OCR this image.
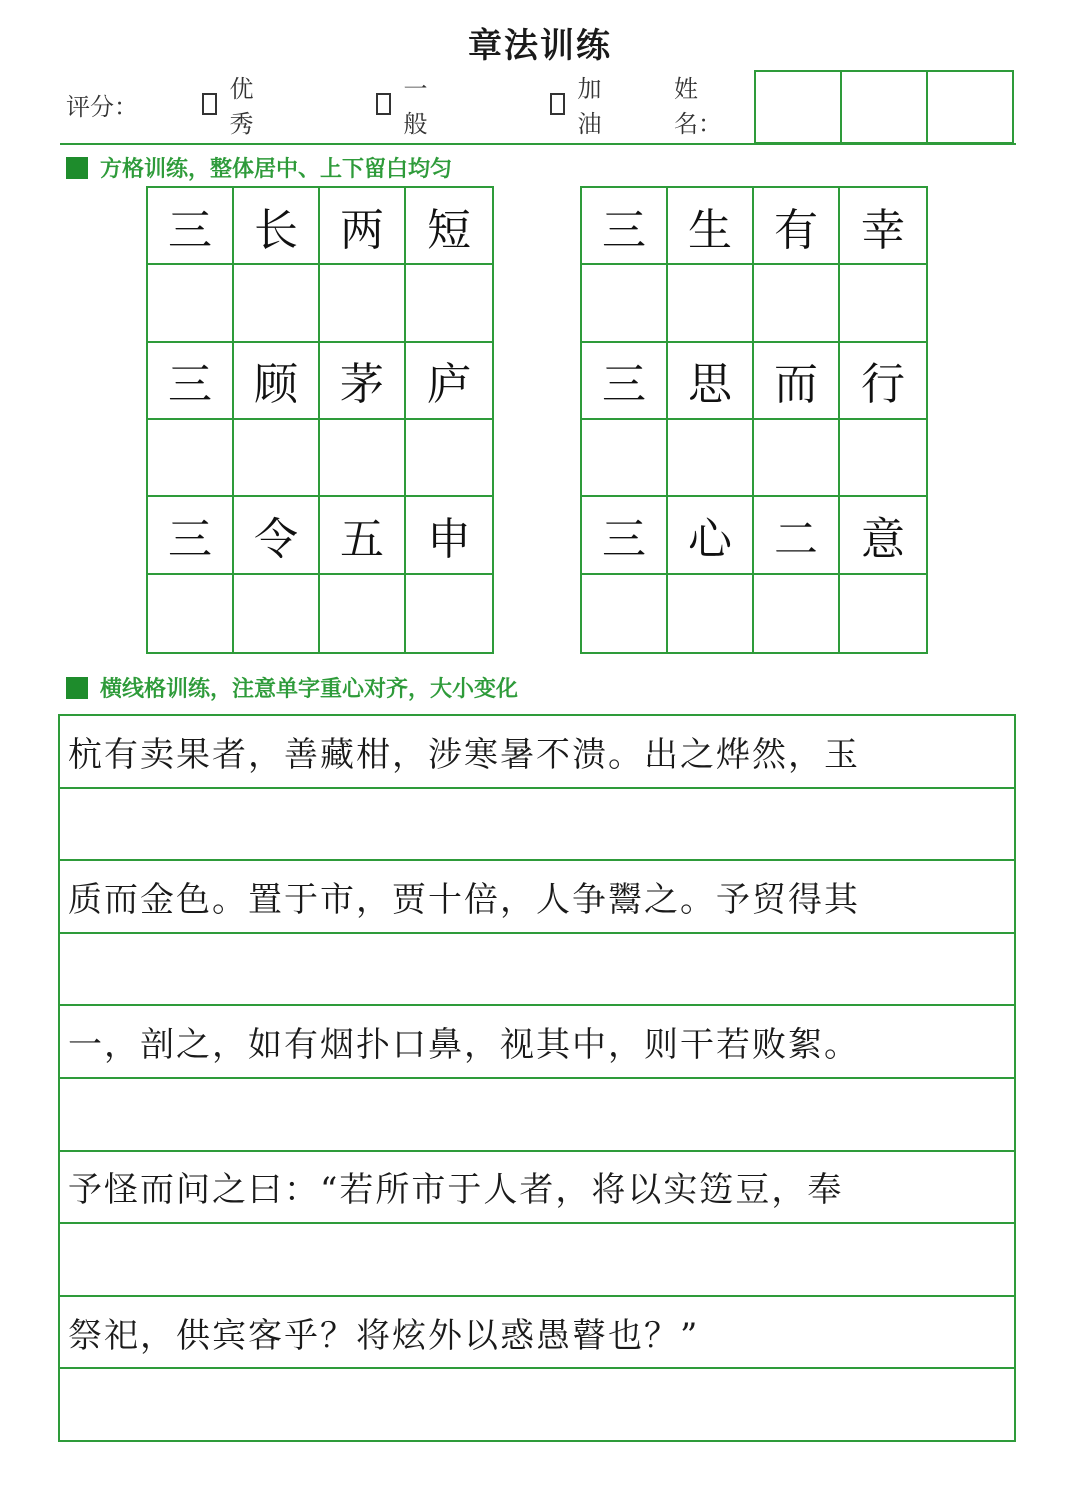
章法训练
评分：
优秀
一般
加油
姓名：
方格训练，整体居中、上下留白均匀
三 长 两 短
三 顾 茅 庐
三 令 五 申
三 生 有 幸
三 思 而 行
三 心 二 意
横线格训练，注意单字重心对齐，大小变化
杭有卖果者，善藏柑，涉寒暑不溃。出之烨然，玉
质而金色。置于市，贾十倍，人争鬻之。予贸得其
一，剖之，如有烟扑口鼻，视其中，则干若败絮。
予怪而问之曰：“若所市于人者，将以实笾豆，奉
祭祀，供宾客乎？将炫外以惑愚瞽也？”
